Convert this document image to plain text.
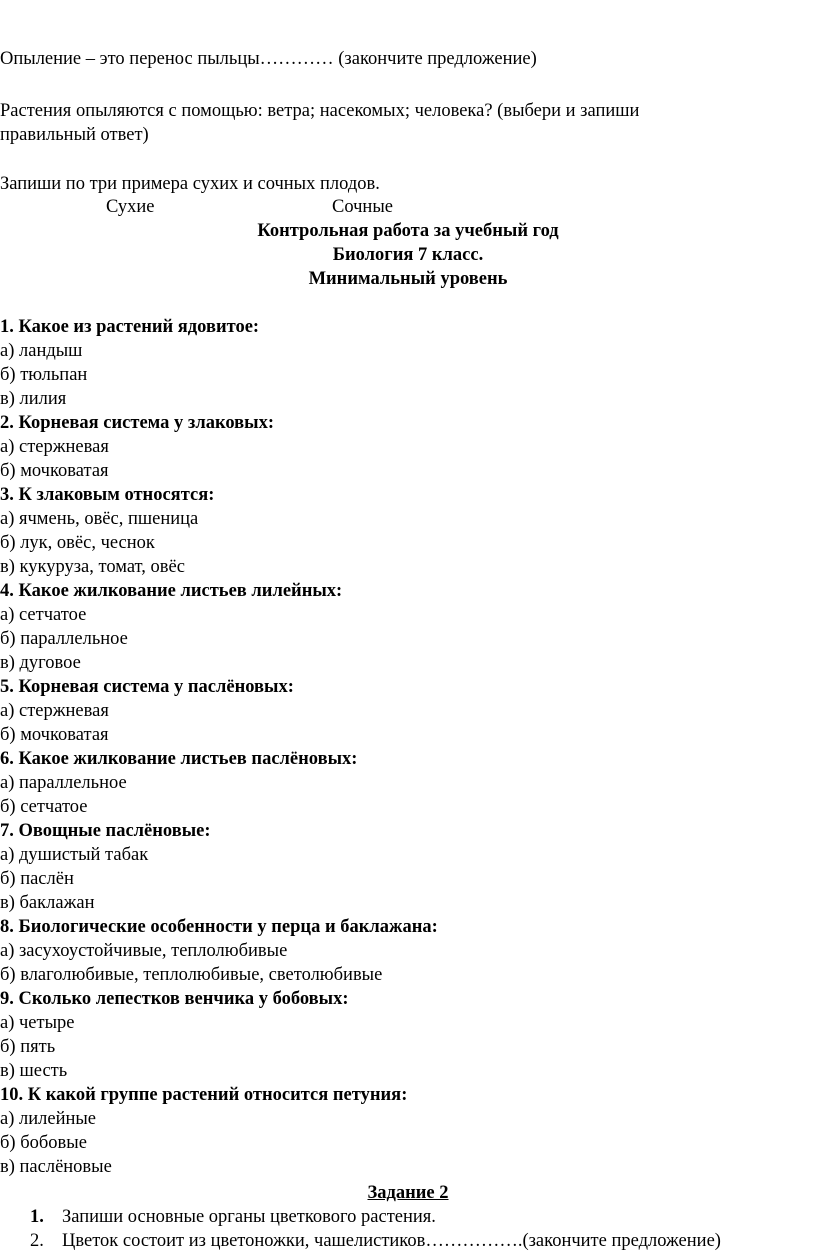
Опыление – это перенос пыльцы………… (закончите предложение)
Растения опыляются с помощью: ветра; насекомых; человека? (выбери и запиши
правильный ответ)
Запиши по три примера сухих и сочных плодов.
Сухие	Сочные
Контрольная работа за учебный год
Биология 7 класс.
Минимальный уровень
1. Какое из растений ядовитое:
а) ландыш
б) тюльпан
в) лилия
2. Корневая система у злаковых:
а) стержневая
б) мочковатая
3. К злаковым относятся:
а) ячмень, овёс, пшеница
б) лук, овёс, чеснок
в) кукуруза, томат, овёс
4. Какое жилкование листьев лилейных:
а) сетчатое
б) параллельное
в) дуговое
5. Корневая система у паслёновых:
а) стержневая
б) мочковатая
6. Какое жилкование листьев паслёновых:
а) параллельное
б) сетчатое
7. Овощные паслёновые:
а) душистый табак
б) паслён
в) баклажан
8. Биологические особенности у перца и баклажана:
а) засухоустойчивые, теплолюбивые
б) влаголюбивые, теплолюбивые, светолюбивые
9. Сколько лепестков венчика у бобовых:
а) четыре
б) пять
в) шесть
10. К какой группе растений относится петуния:
а) лилейные
б) бобовые
в) паслёновые
Задание 2
1. Запиши основные органы цветкового растения.
2. Цветок состоит из цветоножки, чашелистиков…………….(закончите предложение)
